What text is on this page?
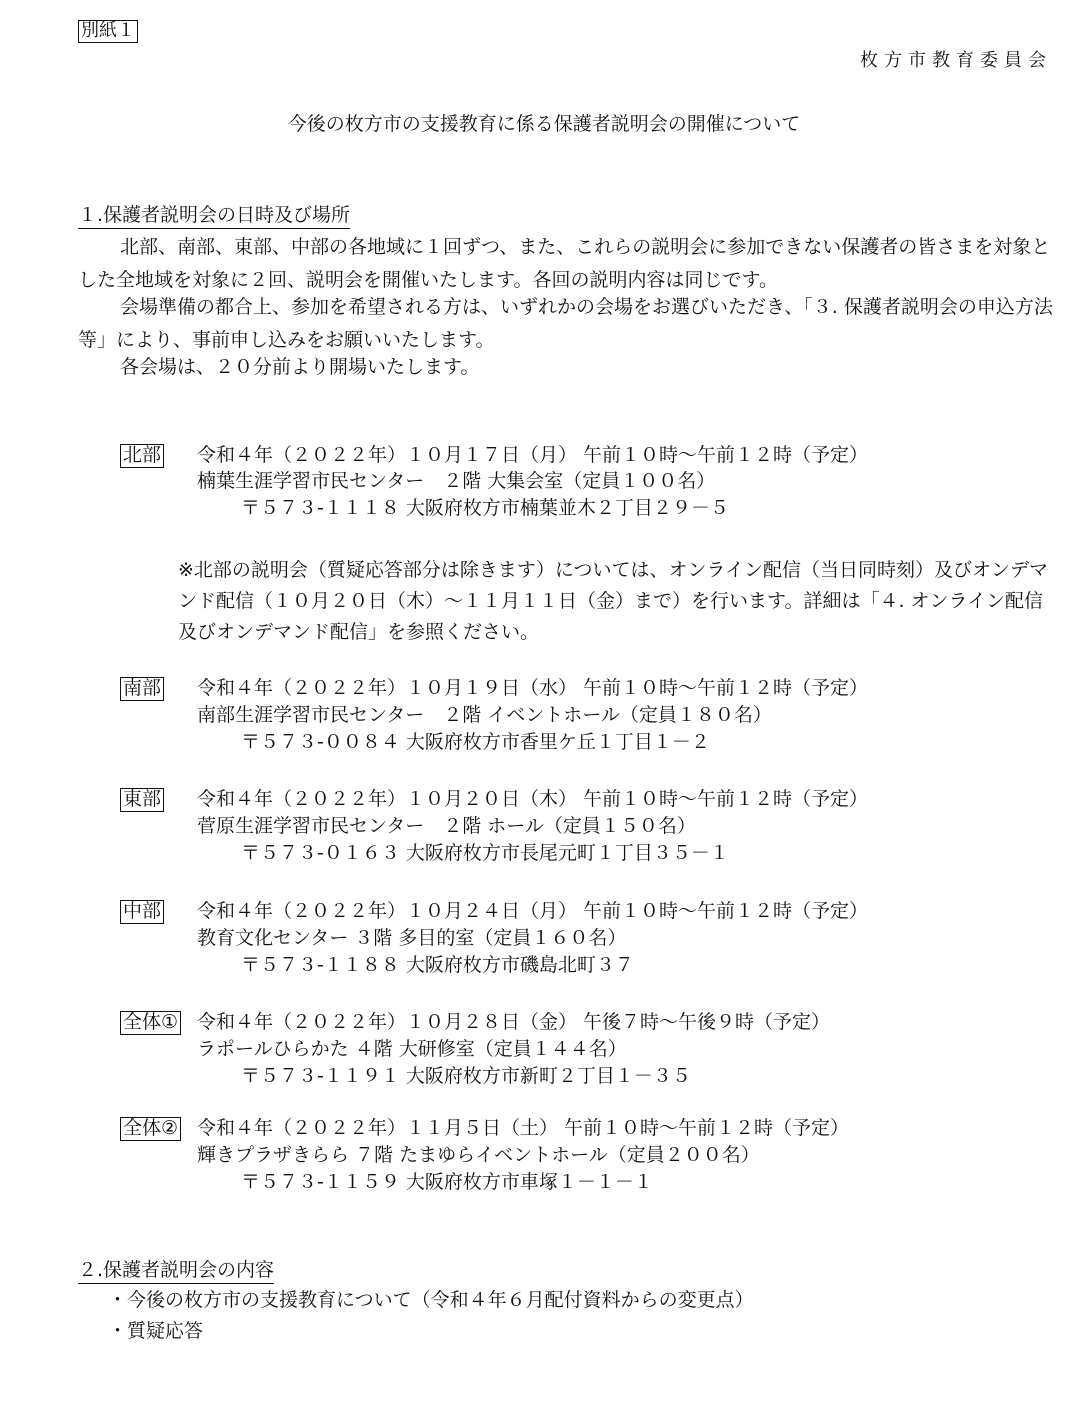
別紙１
枚方市教育委員会
今後の枚方市の支援教育に係る保護者説明会の開催について
１.保護者説明会の日時及び場所
北部、南部、東部、中部の各地域に１回ずつ、また、これらの説明会に参加できない保護者の皆さまを対象とした全地域を対象に２回、説明会を開催いたします。各回の説明内容は同じです。
会場準備の都合上、参加を希望される方は、いずれかの会場をお選びいただき、「３. 保護者説明会の申込方法等」により、事前申し込みをお願いいたします。
各会場は、２０分前より開場いたします。
北部 令和４年（２０２２年）１０月１７日（月） 午前１０時～午前１２時（予定）
楠葉生涯学習市民センター　２階 大集会室（定員１００名）
〒５７３-１１１８ 大阪府枚方市楠葉並木２丁目２９－５
※北部の説明会（質疑応答部分は除きます）については、オンライン配信（当日同時刻）及びオンデマンド配信（１０月２０日（木）～１１月１１日（金）まで）を行います。詳細は「４. オンライン配信及びオンデマンド配信」を参照ください。
南部 令和４年（２０２２年）１０月１９日（水） 午前１０時～午前１２時（予定）
南部生涯学習市民センター　２階 イベントホール（定員１８０名）
〒５７３-００８４ 大阪府枚方市香里ケ丘１丁目１－２
東部 令和４年（２０２２年）１０月２０日（木） 午前１０時～午前１２時（予定）
菅原生涯学習市民センター　２階 ホール（定員１５０名）
〒５７３-０１６３ 大阪府枚方市長尾元町１丁目３５－１
中部 令和４年（２０２２年）１０月２４日（月） 午前１０時～午前１２時（予定）
教育文化センター ３階 多目的室（定員１６０名）
〒５７３-１１８８ 大阪府枚方市磯島北町３７
全体① 令和４年（２０２２年）１０月２８日（金） 午後７時～午後９時（予定）
ラポールひらかた ４階 大研修室（定員１４４名）
〒５７３-１１９１ 大阪府枚方市新町２丁目１－３５
全体② 令和４年（２０２２年）１１月５日（土） 午前１０時～午前１２時（予定）
輝きプラザきらら ７階 たまゆらイベントホール（定員２００名）
〒５７３-１１５９ 大阪府枚方市車塚１－１－１
２.保護者説明会の内容
・今後の枚方市の支援教育について（令和４年６月配付資料からの変更点）
・質疑応答
